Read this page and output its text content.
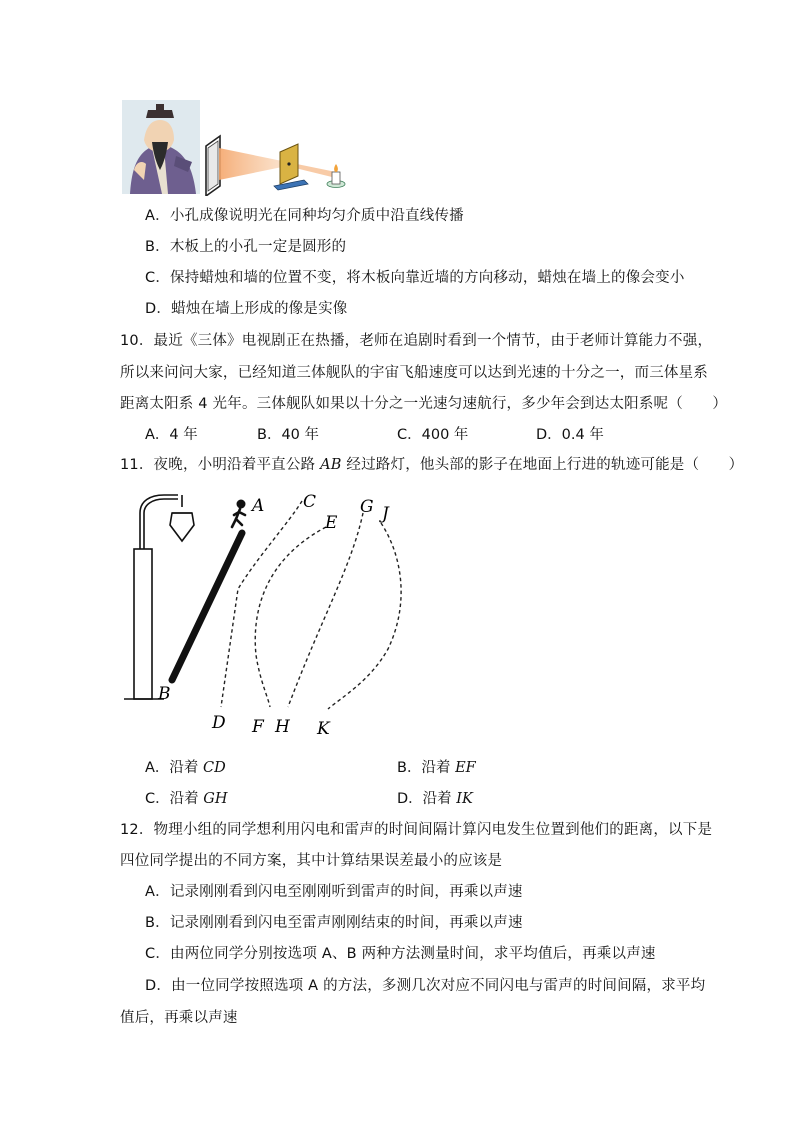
A．小孔成像说明光在同种均匀介质中沿直线传播
B．木板上的小孔一定是圆形的
C．保持蜡烛和墙的位置不变，将木板向靠近墙的方向移动，蜡烛在墙上的像会变小
D．蜡烛在墙上形成的像是实像
10．最近《三体》电视剧正在热播，老师在追剧时看到一个情节，由于老师计算能力不强，
所以来问问大家，已经知道三体舰队的宇宙飞船速度可以达到光速的十分之一，而三体星系
距离太阳系 4 光年。三体舰队如果以十分之一光速匀速航行，多少年会到达太阳系呢（　　）
A．4 年	B．40 年	C．400 年	D．0.4 年
11．夜晚，小明沿着平直公路 AB 经过路灯，他头部的影子在地面上行进的轨迹可能是（　　）
A
B
C
D
E
F
G
H
J
K
A．沿着 CD	B．沿着 EF
C．沿着 GH	D．沿着 IK
12．物理小组的同学想利用闪电和雷声的时间间隔计算闪电发生位置到他们的距离，以下是
四位同学提出的不同方案，其中计算结果误差最小的应该是
A．记录刚刚看到闪电至刚刚听到雷声的时间，再乘以声速
B．记录刚刚看到闪电至雷声刚刚结束的时间，再乘以声速
C．由两位同学分别按选项 A、B 两种方法测量时间，求平均值后，再乘以声速
D．由一位同学按照选项 A 的方法，多测几次对应不同闪电与雷声的时间间隔，求平均
值后，再乘以声速
